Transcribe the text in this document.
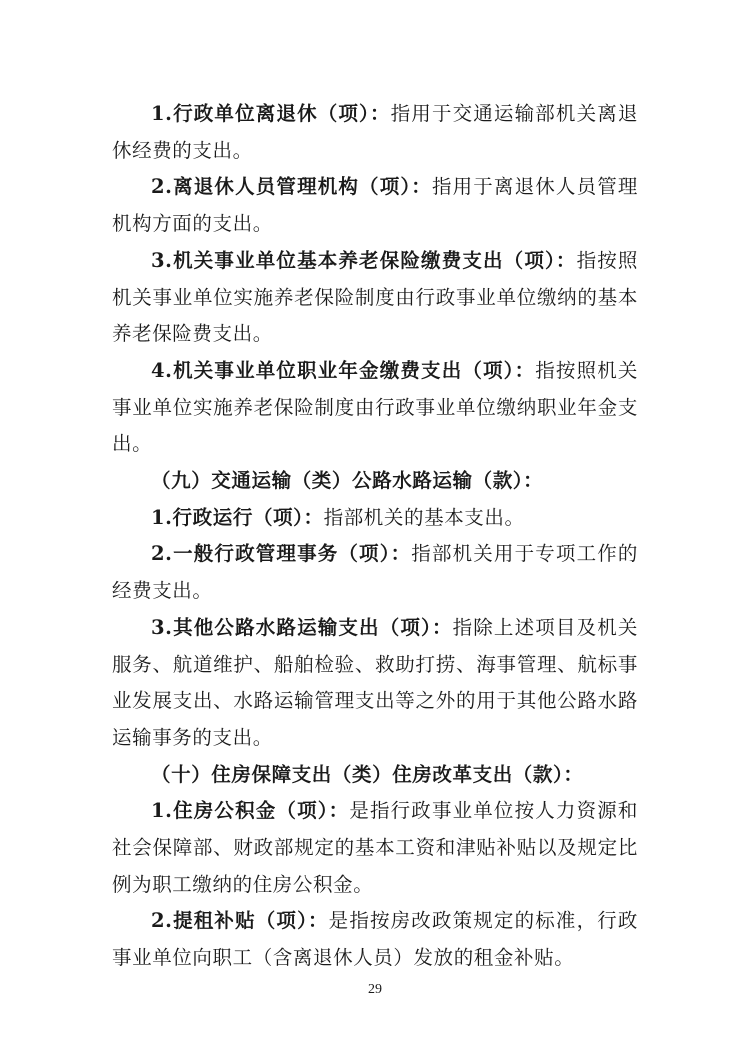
1.行政单位离退休（项）：指用于交通运输部机关离退休经费的支出。

2.离退休人员管理机构（项）：指用于离退休人员管理机构方面的支出。

3.机关事业单位基本养老保险缴费支出（项）：指按照机关事业单位实施养老保险制度由行政事业单位缴纳的基本养老保险费支出。

4.机关事业单位职业年金缴费支出（项）：指按照机关事业单位实施养老保险制度由行政事业单位缴纳职业年金支出。

（九）交通运输（类）公路水路运输（款）：

1.行政运行（项）：指部机关的基本支出。

2.一般行政管理事务（项）：指部机关用于专项工作的经费支出。

3.其他公路水路运输支出（项）：指除上述项目及机关服务、航道维护、船舶检验、救助打捞、海事管理、航标事业发展支出、水路运输管理支出等之外的用于其他公路水路运输事务的支出。

（十）住房保障支出（类）住房改革支出（款）：

1.住房公积金（项）：是指行政事业单位按人力资源和社会保障部、财政部规定的基本工资和津贴补贴以及规定比例为职工缴纳的住房公积金。

2.提租补贴（项）：是指按房改政策规定的标准，行政事业单位向职工（含离退休人员）发放的租金补贴。

29
